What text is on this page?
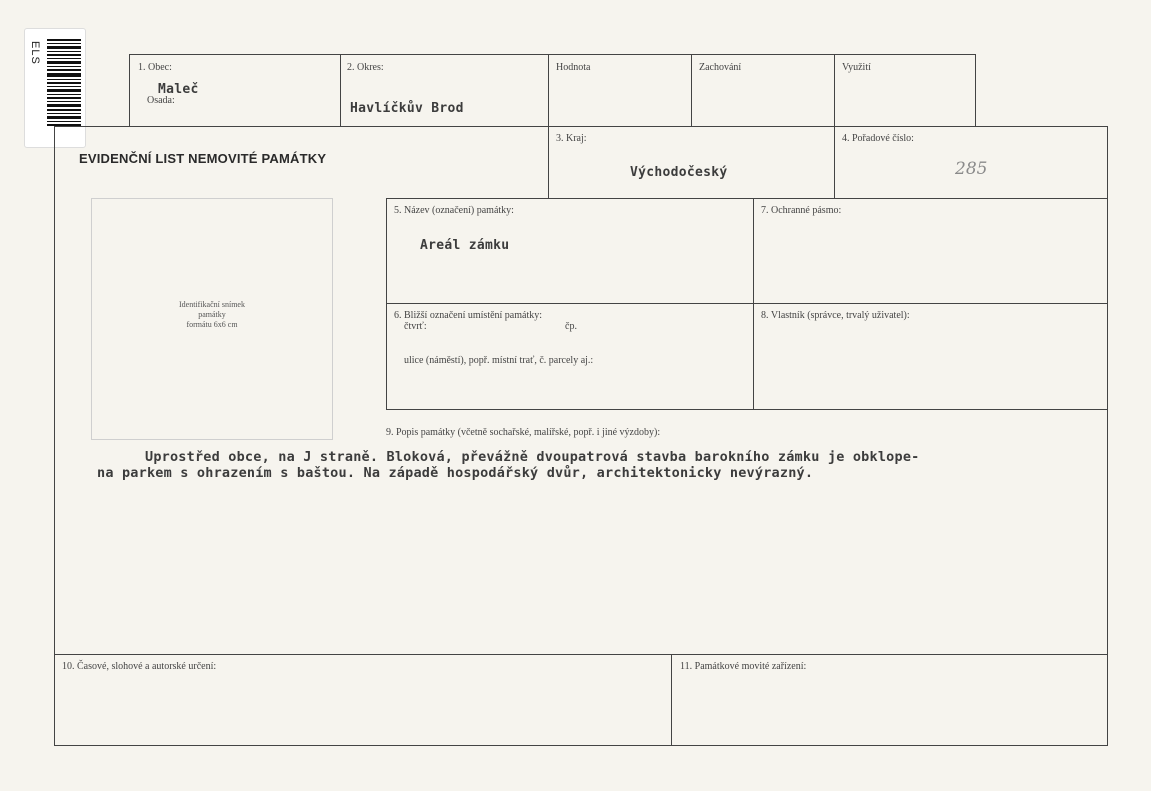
ELS
1. Obec:
Maleč
Osada:
2. Okres:
Havlíčkův Brod
Hodnota	Zachování	Využití
EVIDENČNÍ LIST NEMOVITÉ PAMÁTKY
3. Kraj:
Východočeský
4. Pořadové číslo:
285
Identifikační snímek
památky
formátu 6x6 cm
5. Název (označení) památky:
Areál zámku
7. Ochranné pásmo:
6. Bližší označení umístění památky:
čtvrť:	čp.
ulice (náměstí), popř. místní trať, č. parcely aj.:
8. Vlastník (správce, trvalý uživatel):
9. Popis památky (včetně sochařské, malířské, popř. i jiné výzdoby):
Uprostřed obce, na J straně. Bloková, převážně dvoupatrová stavba barokního zámku je obklope-
na parkem s ohrazením s baštou. Na západě hospodářský dvůr, architektonicky nevýrazný.
10. Časové, slohové a autorské určení:	11. Památkové movité zařízení:
